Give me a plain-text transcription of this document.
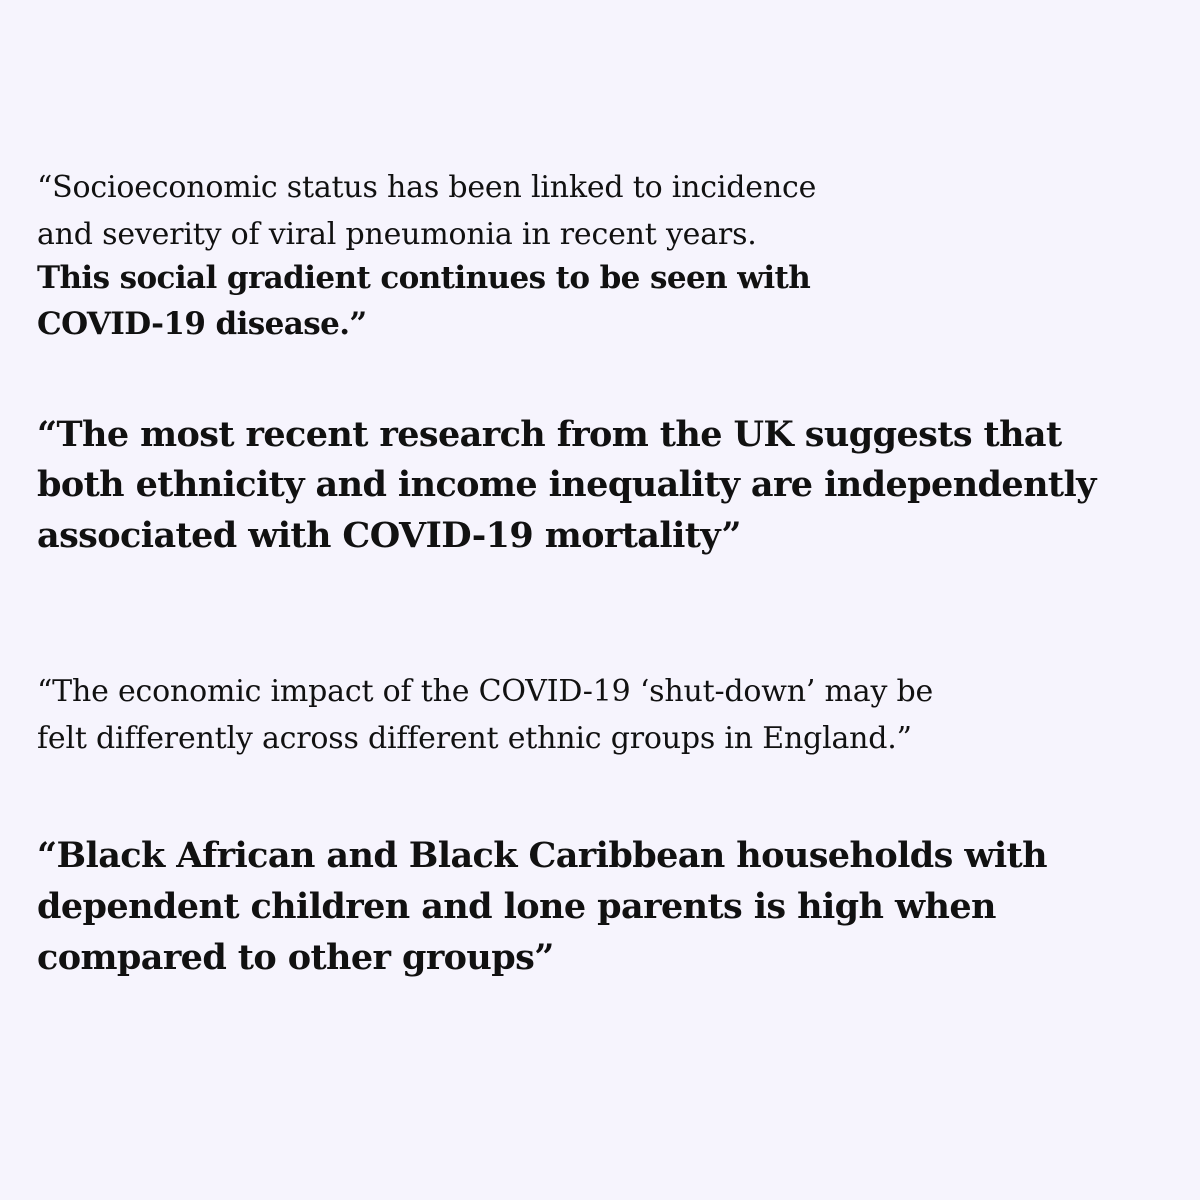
“Socioeconomic status has been linked to incidence

and severity of viral pneumonia in recent years.

This social gradient continues to be seen with

COVID-19 disease.”

“The most recent research from the UK suggests that

both ethnicity and income inequality are independently

associated with COVID-19 mortality”

“The economic impact of the COVID-19 ‘shut-down’ may be

felt differently across different ethnic groups in England.”

“Black African and Black Caribbean households with

dependent children and lone parents is high when

compared to other groups”
